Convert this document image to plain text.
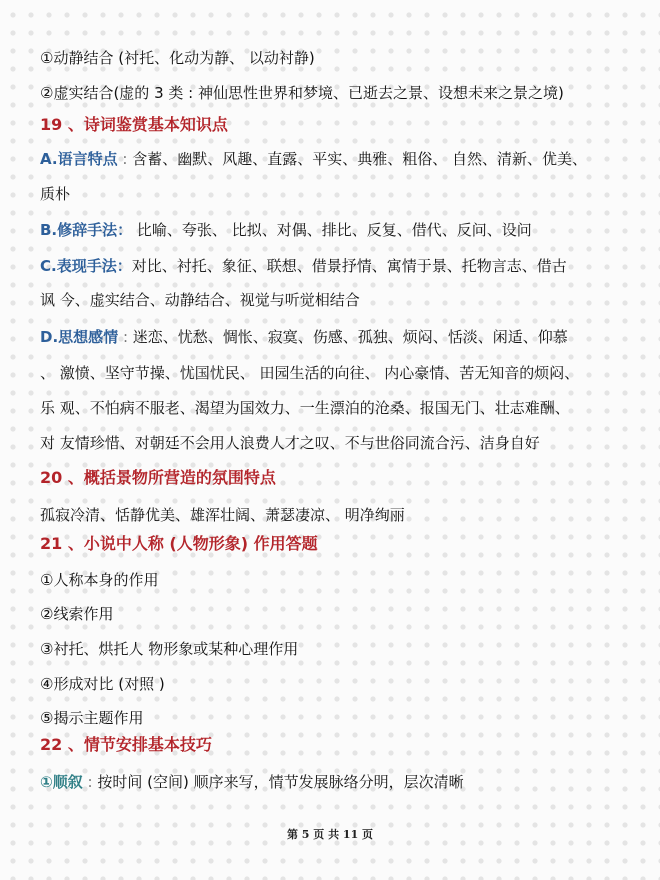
①动静结合 (衬托、化动为静、 以动衬静)
②虚实结合(虚的 3 类 : 神仙思性世界和梦境、已逝去之景、设想未来之景之境)
19 、诗词鉴赏基本知识点
A.语言特点 : 含蓄、幽默、风趣、直露、平实、典雅、粗俗、 自然、清新、优美、
质朴
B.修辞手法： 比喻、夸张、 比拟、对偶、排比、反复、借代、反问、设问
C.表现手法：对比、衬托、象征、联想、借景抒情、寓情于景、托物言志、借古
讽 今、虚实结合、动静结合、视觉与听觉相结合
D.思想感情 : 迷恋、忧愁、惆怅、寂寞、伤感、孤独、烦闷、恬淡、闲适、仰慕
、 激愤、坚守节操、忧国忧民、 田园生活的向往、 内心豪情、苦无知音的烦闷、
乐 观、不怕病不服老、渴望为国效力、一生漂泊的沧桑、报国无门、壮志难酬、
对 友情珍惜、对朝廷不会用人浪费人才之叹、不与世俗同流合污、洁身自好
20 、概括景物所营造的氛围特点
孤寂冷清、恬静优美、雄浑壮阔、萧瑟凄凉、 明净绚丽
21 、小说中人称 (人物形象) 作用答题
①人称本身的作用
②线索作用
③衬托、烘托人 物形象或某种心理作用
④形成对比 (对照 )
⑤揭示主题作用
22 、情节安排基本技巧
①顺叙 : 按时间 (空间) 顺序来写，情节发展脉络分明，层次清晰
第 5 页 共 11 页
